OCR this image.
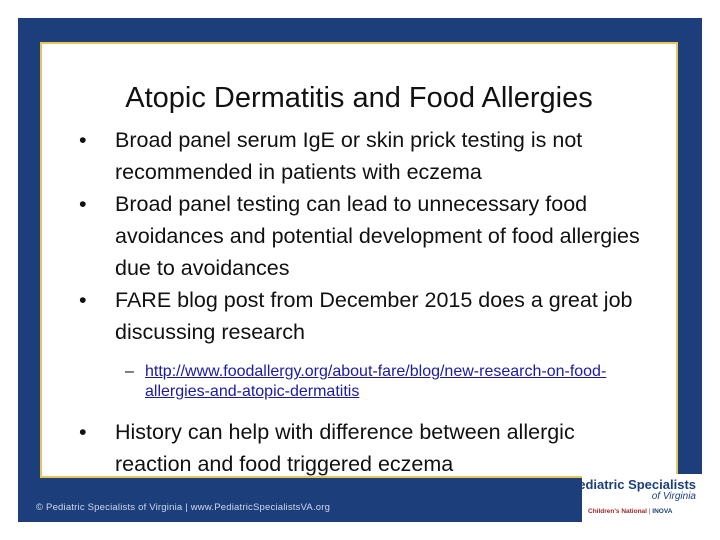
Atopic Dermatitis and Food Allergies
• Broad panel serum IgE or skin prick testing is not recommended in patients with eczema
• Broad panel testing can lead to unnecessary food avoidances and potential development of food allergies due to avoidances
• FARE blog post from December 2015 does a great job discussing research
– http://www.foodallergy.org/about-fare/blog/new-research-on-food-allergies-and-atopic-dermatitis
• History can help with difference between allergic reaction and food triggered eczema
© Pediatric Specialists of Virginia | www.PediatricSpecialistsVA.org
Pediatric Specialists
of Virginia
Children's National | INOVA
